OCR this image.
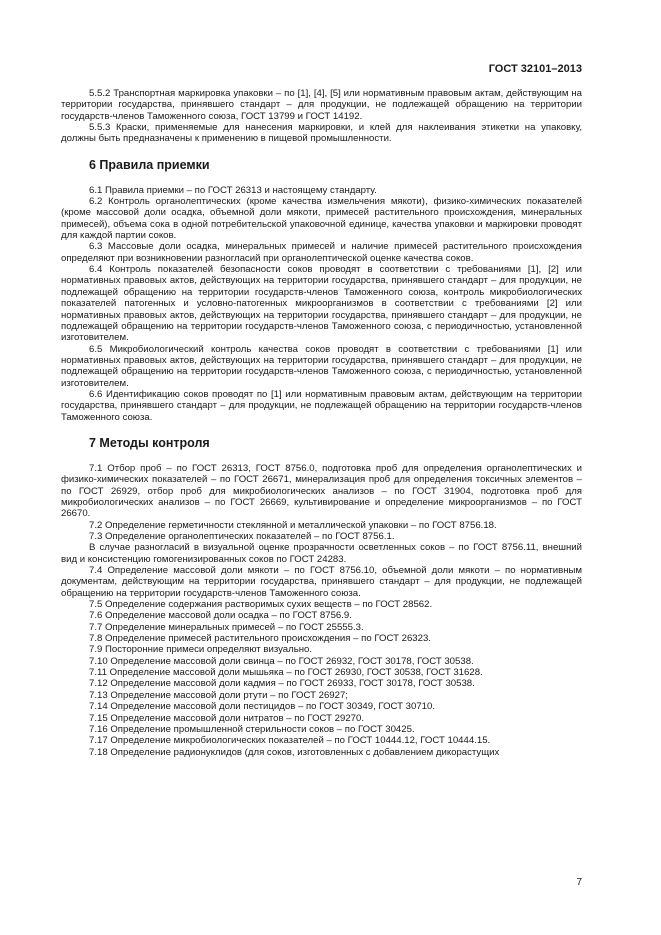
ГОСТ 32101–2013

5.5.2 Транспортная маркировка упаковки – по [1], [4], [5] или нормативным правовым актам, действующим на территории государства, принявшего стандарт – для продукции, не подлежащей обращению на территории государств-членов Таможенного союза, ГОСТ 13799 и ГОСТ 14192.

5.5.3 Краски, применяемые для нанесения маркировки, и клей для наклеивания этикетки на упаковку, должны быть предназначены к применению в пищевой промышленности.

6 Правила приемки

6.1 Правила приемки – по ГОСТ 26313 и настоящему стандарту.

6.2 Контроль органолептических (кроме качества измельчения мякоти), физико-химических показателей (кроме массовой доли осадка, объемной доли мякоти, примесей растительного происхождения, минеральных примесей), объема сока в одной потребительской упаковочной единице, качества упаковки и маркировки проводят для каждой партии соков.

6.3 Массовые доли осадка, минеральных примесей и наличие примесей растительного происхождения определяют при возникновении разногласий при органолептической оценке качества соков.

6.4 Контроль показателей безопасности соков проводят в соответствии с требованиями [1], [2] или нормативных правовых актов, действующих на территории государства, принявшего стандарт – для продукции, не подлежащей обращению на территории государств-членов Таможенного союза, контроль микробиологических показателей патогенных и условно-патогенных микроорганизмов в соответствии с требованиями [2] или нормативных правовых актов, действующих на территории государства, принявшего стандарт – для продукции, не подлежащей обращению на территории государств-членов Таможенного союза, с периодичностью, установленной изготовителем.

6.5 Микробиологический контроль качества соков проводят в соответствии с требованиями [1] или нормативных правовых актов, действующих на территории государства, принявшего стандарт – для продукции, не подлежащей обращению на территории государств-членов Таможенного союза, с периодичностью, установленной изготовителем.

6.6 Идентификацию соков проводят по [1] или нормативным правовым актам, действующим на территории государства, принявшего стандарт – для продукции, не подлежащей обращению на территории государств-членов Таможенного союза.

7 Методы контроля

7.1 Отбор проб – по ГОСТ 26313, ГОСТ 8756.0, подготовка проб для определения органолептических и физико-химических показателей – по ГОСТ 26671, минерализация проб для определения токсичных элементов – по ГОСТ 26929, отбор проб для микробиологических анализов – по ГОСТ 31904, подготовка проб для микробиологических анализов – по ГОСТ 26669, культивирование и определение микроорганизмов – по ГОСТ 26670.

7.2 Определение герметичности стеклянной и металлической упаковки – по ГОСТ 8756.18.

7.3 Определение органолептических показателей – по ГОСТ 8756.1.

В случае разногласий в визуальной оценке прозрачности осветленных соков – по ГОСТ 8756.11, внешний вид и консистенцию гомогенизированных соков по ГОСТ 24283.

7.4 Определение массовой доли мякоти – по ГОСТ 8756.10, объемной доли мякоти – по нормативным документам, действующим на территории государства, принявшего стандарт – для продукции, не подлежащей обращению на территории государств-членов Таможенного союза.

7.5 Определение содержания растворимых сухих веществ – по ГОСТ 28562.

7.6 Определение массовой доли осадка – по ГОСТ 8756.9.

7.7 Определение минеральных примесей – по ГОСТ 25555.3.

7.8 Определение примесей растительного происхождения – по ГОСТ 26323.

7.9 Посторонние примеси определяют визуально.

7.10 Определение массовой доли свинца – по ГОСТ 26932, ГОСТ 30178, ГОСТ 30538.

7.11 Определение массовой доли мышьяка – по ГОСТ 26930, ГОСТ 30538, ГОСТ 31628.

7.12 Определение массовой доли кадмия – по ГОСТ 26933, ГОСТ 30178, ГОСТ 30538.

7.13 Определение массовой доли ртути – по ГОСТ 26927;

7.14 Определение массовой доли пестицидов – по ГОСТ 30349, ГОСТ 30710.

7.15 Определение массовой доли нитратов – по ГОСТ 29270.

7.16 Определение промышленной стерильности соков – по ГОСТ 30425.

7.17 Определение микробиологических показателей – по ГОСТ 10444.12, ГОСТ 10444.15.

7.18 Определение радионуклидов (для соков, изготовленных с добавлением дикорастущих

7
